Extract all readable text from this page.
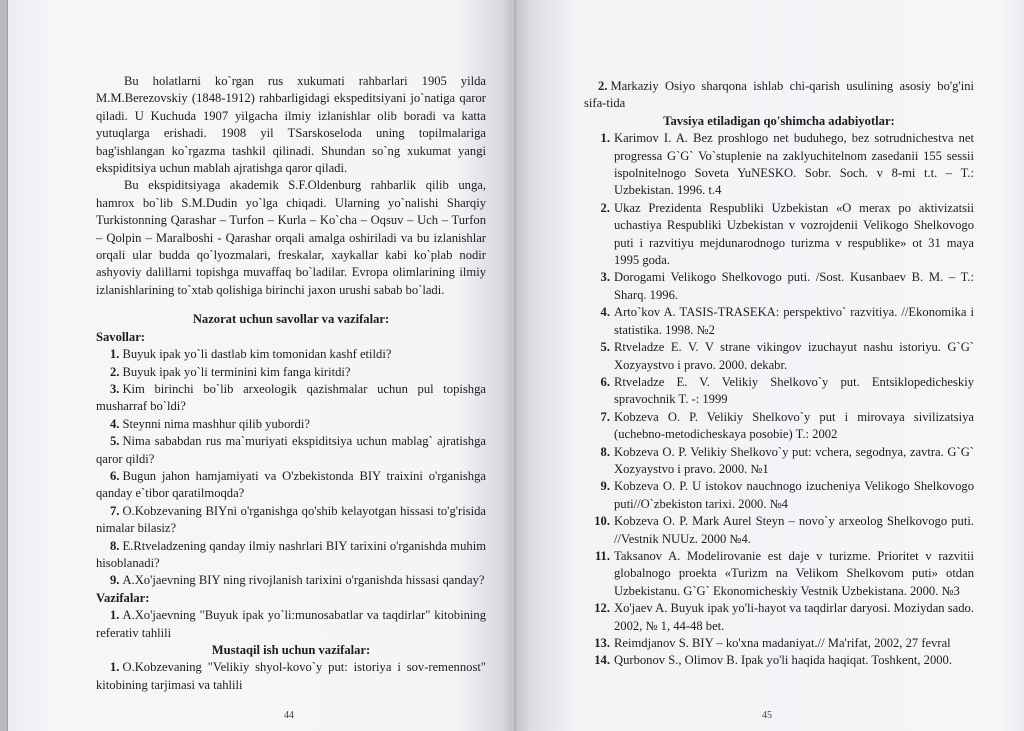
Bu holatlarni ko`rgan rus xukumati rahbarlari 1905 yilda M.M.Berezovskiy (1848-1912) rahbarligidagi ekspeditsiyani jo`natiga qaror qiladi. U Kuchuda 1907 yilgacha ilmiy izlanishlar olib boradi va katta yutuqlarga erishadi. 1908 yil TSarskoseloda uning topilmalariga bag'ishlangan ko`rgazma tashkil qilinadi. Shundan so`ng xukumat yangi ekspiditsiya uchun mablah ajratishga qaror qiladi.

Bu ekspiditsiyaga akademik S.F.Oldenburg rahbarlik qilib unga, hamrox bo`lib S.M.Dudin yo`lga chiqadi. Ularning yo`nalishi Sharqiy Turkistonning Qarashar – Turfon – Kurla – Ko`cha – Oqsuv – Uch – Turfon – Qolpin – Maralboshi - Qarashar orqali amalga oshiriladi va bu izlanishlar orqali ular budda qo`lyozmalari, freskalar, xaykallar kabi ko`plab nodir ashyoviy dalillarni topishga muvaffaq bo`ladilar. Evropa olimlarining ilmiy izlanishlarining to`xtab qolishiga birinchi jaxon urushi sabab bo`ladi.

Nazorat uchun savollar va vazifalar:
Savollar:
1. Buyuk ipak yo`li dastlab kim tomonidan kashf etildi?
2. Buyuk ipak yo`li terminini kim fanga kiritdi?
3. Kim birinchi bo`lib arxeologik qazishmalar uchun pul topishga musharraf bo`ldi?
4. Steynni nima mashhur qilib yubordi?
5. Nima sababdan rus ma`muriyati ekspiditsiya uchun mablag` ajratishga qaror qildi?
6. Bugun jahon hamjamiyati va O'zbekistonda BIY traixini o'rganishga qanday e`tibor qaratilmoqda?
7. O.Kobzevaning BIYni o'rganishga qo'shib kelayotgan hissasi to'g'risida nimalar bilasiz?
8. E.Rtveladzening qanday ilmiy nashrlari BIY tarixini o'rganishda muhim hisoblanadi?
9. A.Xo'jaevning BIY ning rivojlanish tarixini o'rganishda hissasi qanday?
Vazifalar:
1. A.Xo'jaevning "Buyuk ipak yo`li:munosabatlar va taqdirlar" kitobining referativ tahlili
Mustaqil ish uchun vazifalar:
1. O.Kobzevaning "Velikiy shyol-kovo`y put: istoriya i sov-remennost" kitobining tarjimasi va tahlili
44
2. Markaziy Osiyo sharqona ishlab chi-qarish usulining asosiy bo'g'ini sifa-tida
Tavsiya etiladigan qo'shimcha adabiyotlar:
1. Karimov I. A. Bez proshlogo net buduhego, bez sotrudnichestva net progressa G`G` Vo`stuplenie na zaklyuchitelnom zasedanii 155 sessii ispolnitelnogo Soveta YuNESKO. Sobr. Soch. v 8-mi t.t. – T.: Uzbekistan. 1996. t.4
2. Ukaz Prezidenta Respubliki Uzbekistan «O merax po aktivizatsii uchastiya Respubliki Uzbekistan v vozrojdenii Velikogo Shelkovogo puti i razvitiyu mejdunarodnogo turizma v respublike» ot 31 maya 1995 goda.
3. Dorogami Velikogo Shelkovogo puti. /Sost. Kusanbaev B. M. – T.: Sharq. 1996.
4. Arto`kov A. TASIS-TRASEKA: perspektivo` razvitiya. //Ekonomika i statistika. 1998. №2
5. Rtveladze E. V. V strane vikingov izuchayut nashu istoriyu. G`G` Xozyaystvo i pravo. 2000. dekabr.
6. Rtveladze E. V. Velikiy Shelkovo`y put. Entsiklopedicheskiy spravochnik T. -: 1999
7. Kobzeva O. P. Velikiy Shelkovo`y put i mirovaya sivilizatsiya (uchebno-metodicheskaya posobie) T.: 2002
8. Kobzeva O. P. Velikiy Shelkovo`y put: vchera, segodnya, zavtra. G`G` Xozyaystvo i pravo. 2000. №1
9. Kobzeva O. P. U istokov nauchnogo izucheniya Velikogo Shelkovogo puti//O`zbekiston tarixi. 2000. №4
10. Kobzeva O. P. Mark Aurel Steyn – novo`y arxeolog Shelkovogo puti. //Vestnik NUUz. 2000 №4.
11. Taksanov A. Modelirovanie est daje v turizme. Prioritet v razvitii globalnogo proekta «Turizm na Velikom Shelkovom puti» otdan Uzbekistanu. G`G` Ekonomicheskiy Vestnik Uzbekistana. 2000. №3
12. Xo'jaev A. Buyuk ipak yo'li-hayot va taqdirlar daryosi. Moziydan sado. 2002, № 1, 44-48 bet.
13. Reimdjanov S. BIY – ko'xna madaniyat.// Ma'rifat, 2002, 27 fevral
14. Qurbonov S., Olimov B. Ipak yo'li haqida haqiqat. Toshkent, 2000.
45
